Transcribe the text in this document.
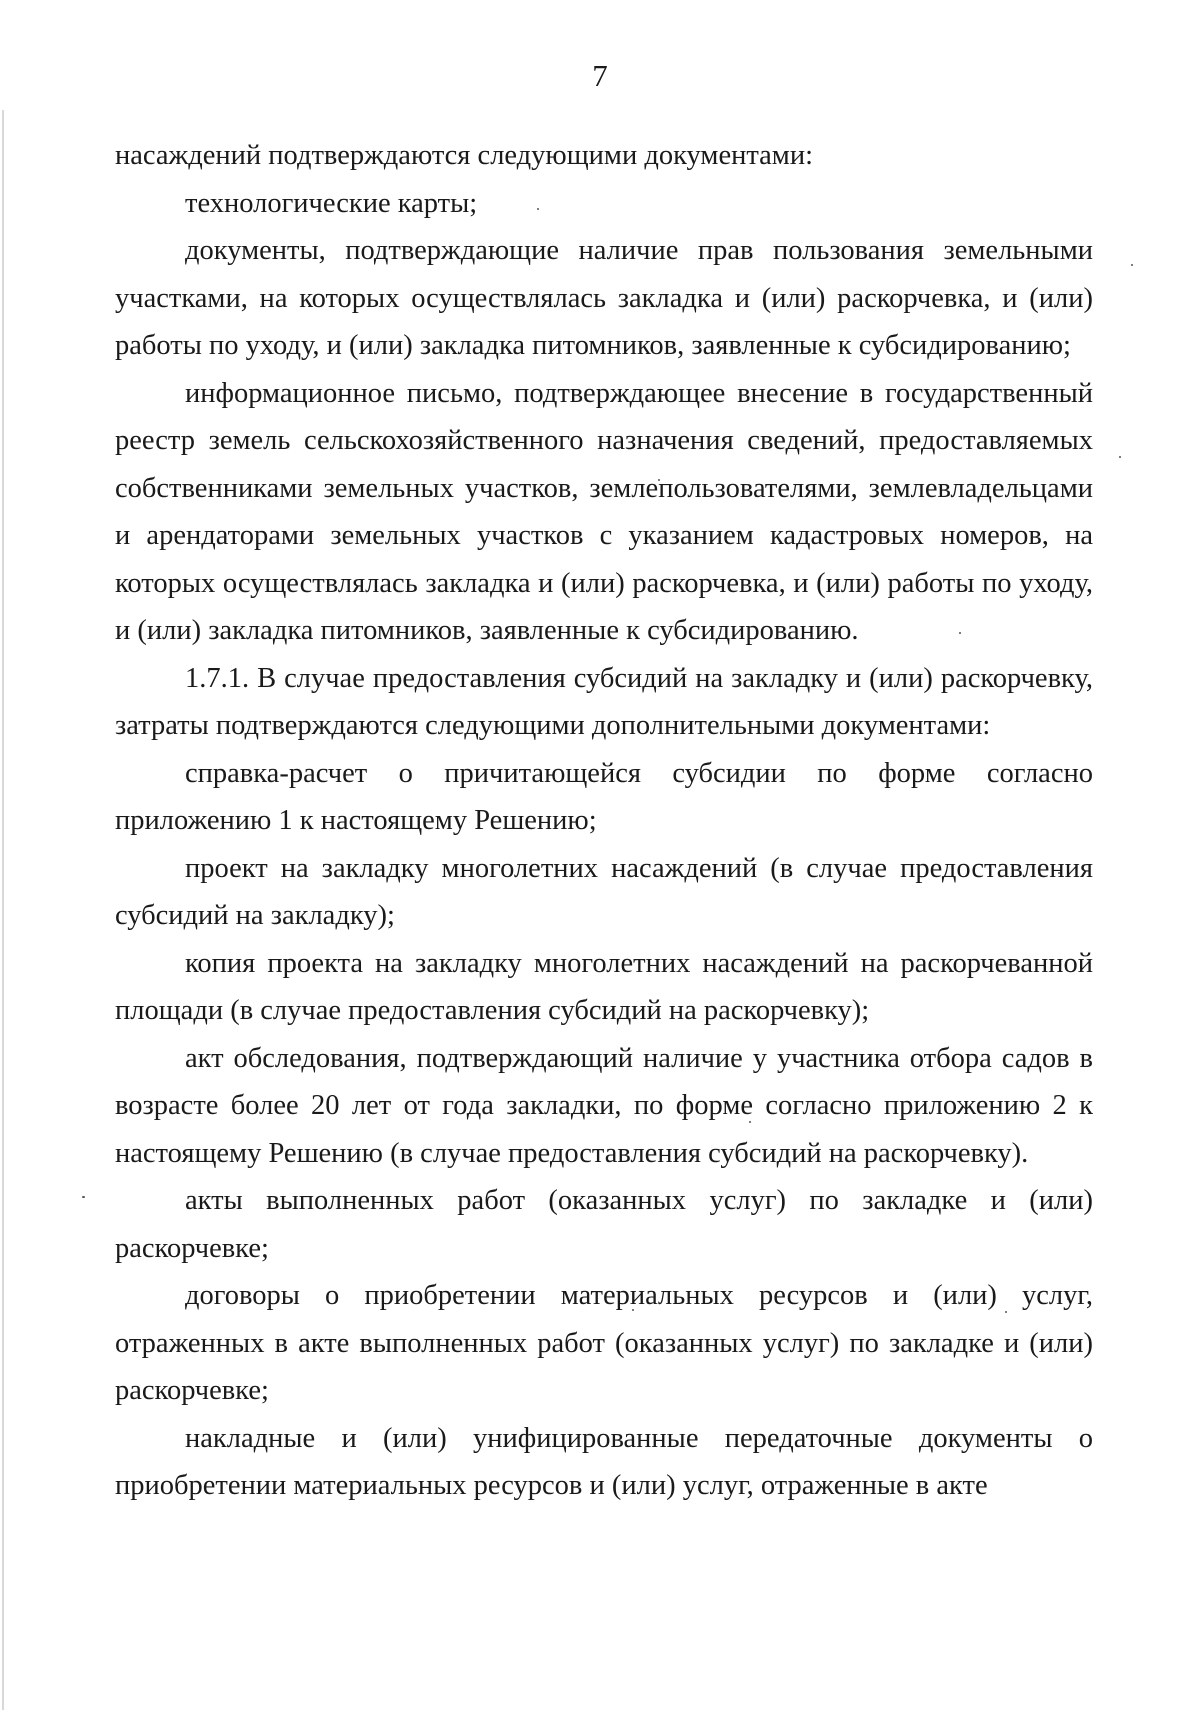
7

насаждений подтверждаются следующими документами:

технологические карты;

документы, подтверждающие наличие прав пользования земельными участками, на которых осуществлялась закладка и (или) раскорчевка, и (или) работы по уходу, и (или) закладка питомников, заявленные к субсидированию;

информационное письмо, подтверждающее внесение в государственный реестр земель сельскохозяйственного назначения сведений, предоставляемых собственниками земельных участков, землепользователями, землевладельцами и арендаторами земельных участков с указанием кадастровых номеров, на которых осуществлялась закладка и (или) раскорчевка, и (или) работы по уходу, и (или) закладка питомников, заявленные к субсидированию.

1.7.1. В случае предоставления субсидий на закладку и (или) раскорчевку, затраты подтверждаются следующими дополнительными документами:

справка-расчет о причитающейся субсидии по форме согласно приложению 1 к настоящему Решению;

проект на закладку многолетних насаждений (в случае предоставления субсидий на закладку);

копия проекта на закладку многолетних насаждений на раскорчеванной площади (в случае предоставления субсидий на раскорчевку);

акт обследования, подтверждающий наличие у участника отбора садов в возрасте более 20 лет от года закладки, по форме согласно приложению 2 к настоящему Решению (в случае предоставления субсидий на раскорчевку).

акты выполненных работ (оказанных услуг) по закладке и (или) раскорчевке;

договоры о приобретении материальных ресурсов и (или) услуг, отраженных в акте выполненных работ (оказанных услуг) по закладке и (или) раскорчевке;

накладные и (или) унифицированные передаточные документы о приобретении материальных ресурсов и (или) услуг, отраженные в акте
